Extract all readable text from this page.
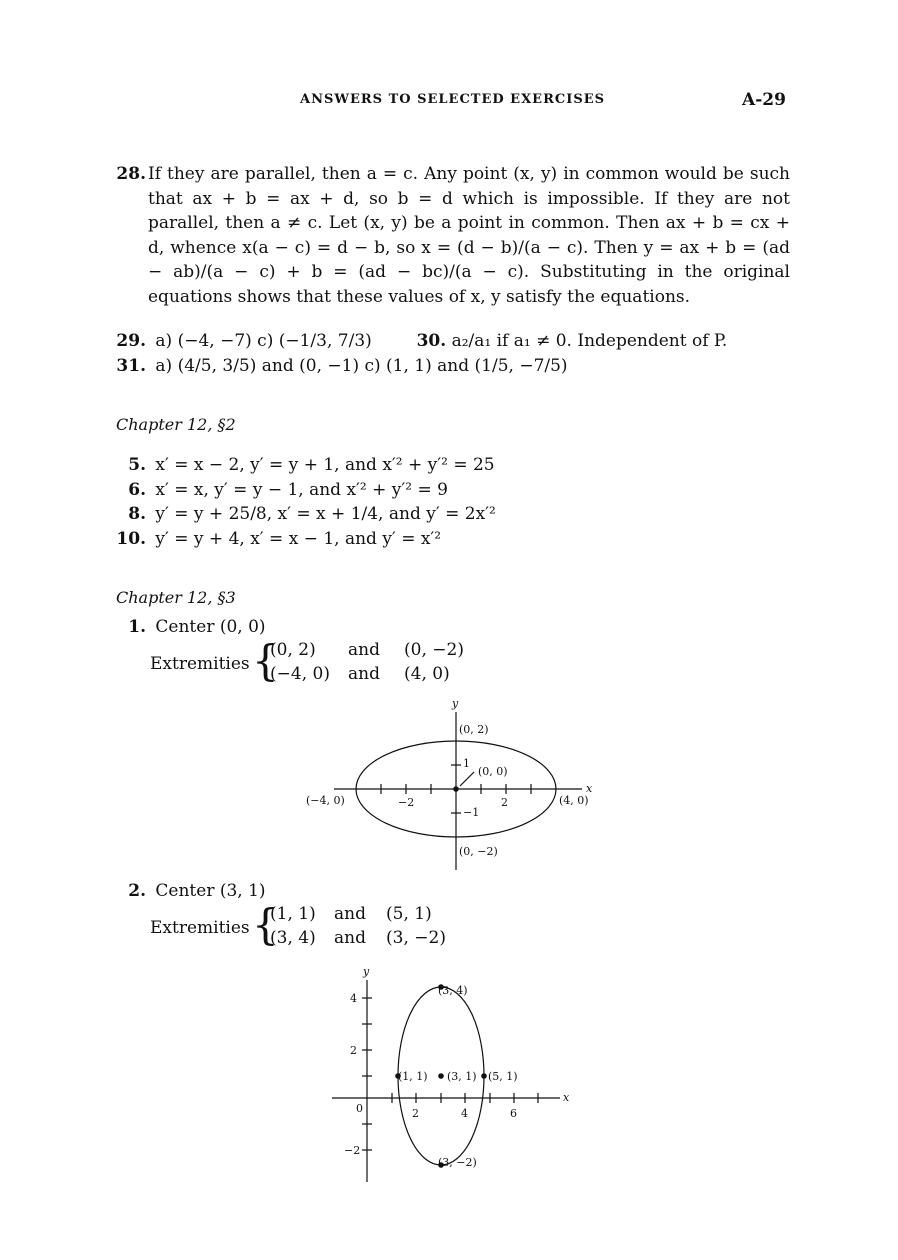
ANSWERS TO SELECTED EXERCISES	A-29
28. If they are parallel, then a = c. Any point (x, y) in common would be such that ax + b = ax + d, so b = d which is impossible. If they are not parallel, then a ≠ c. Let (x, y) be a point in common. Then ax + b = cx + d, whence x(a − c) = d − b, so x = (d − b)/(a − c). Then y = ax + b = (ad − ab)/(a − c) + b = (ad − bc)/(a − c). Substituting in the original equations shows that these values of x, y satisfy the equations.
29. a) (−4, −7) c) (−1/3, 7/3)	30. a₂/a₁ if a₁ ≠ 0. Independent of P.
31. a) (4/5, 3/5) and (0, −1) c) (1, 1) and (1/5, −7/5)
Chapter 12, §2
5. x′ = x − 2, y′ = y + 1, and x′² + y′² = 25
6. x′ = x, y′ = y − 1, and x′² + y′² = 9
8. y′ = y + 25/8, x′ = x + 1/4, and y′ = 2x′²
10. y′ = y + 4, x′ = x − 1, and y′ = x′²
Chapter 12, §3
1. Center (0, 0)
Extremities {
(0, 2) and (0, −2)
(−4, 0) and (4, 0)
y
x
(0, 2)
(0, −2)
(−4, 0)	(4, 0)
(0, 0)
1
−1
−2	2
2. Center (3, 1)
Extremities {
(1, 1) and (5, 1)
(3, 4) and (3, −2)
y
x
(3, 4)
(3, −2)
(1, 1) (3, 1) (5, 1)
4
2
−2
0	2	4	6
